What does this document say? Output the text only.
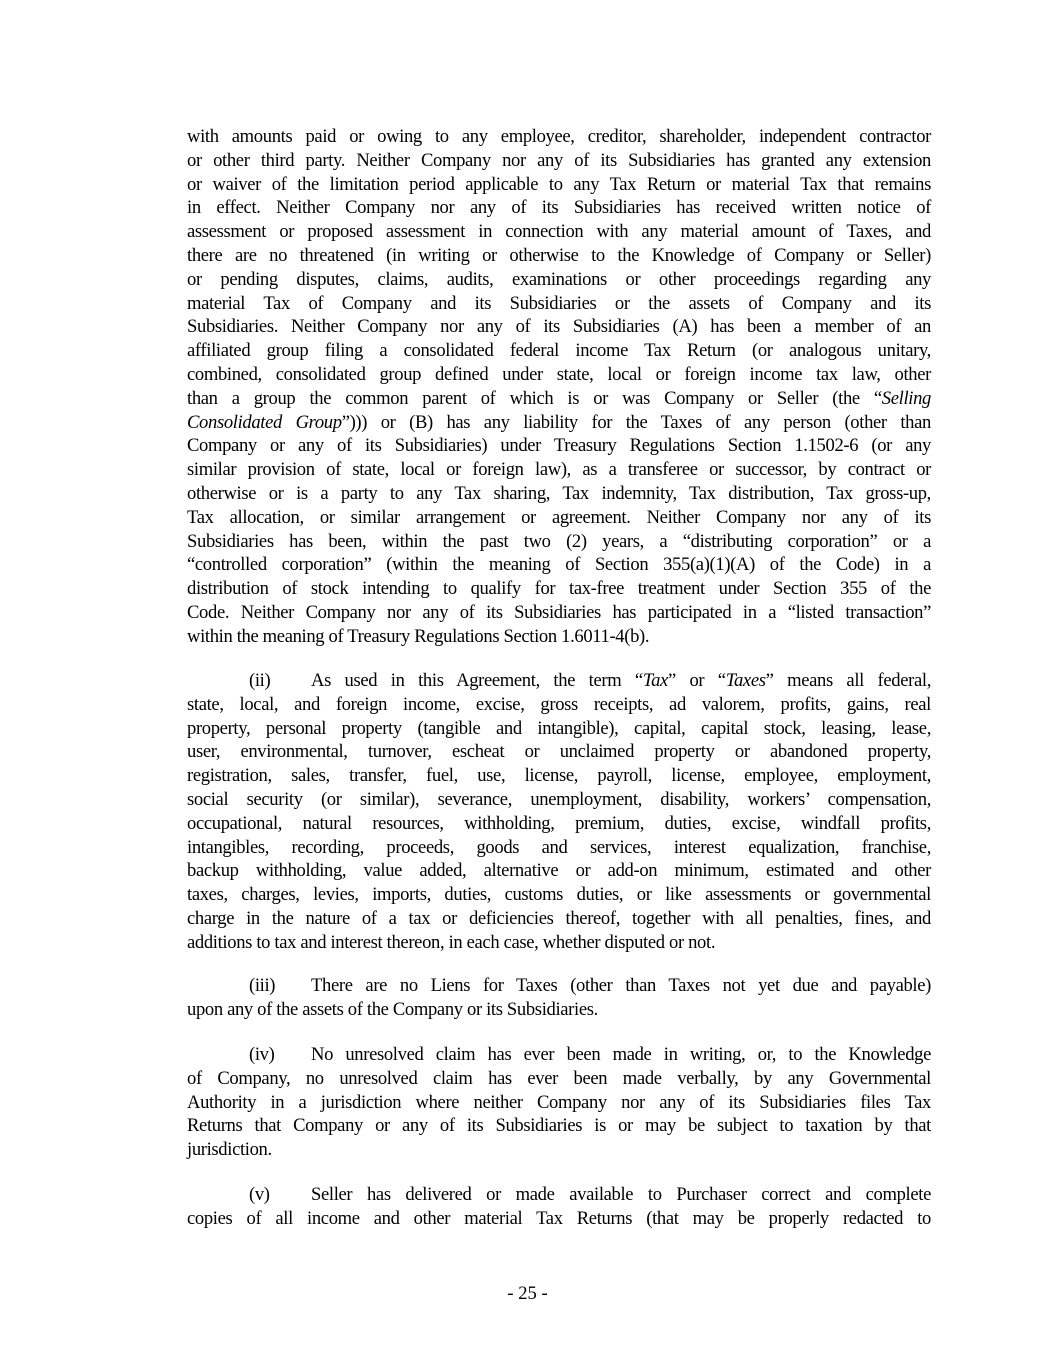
with amounts paid or owing to any employee, creditor, shareholder, independent contractor
or other third party. Neither Company nor any of its Subsidiaries has granted any extension
or waiver of the limitation period applicable to any Tax Return or material Tax that remains
in effect. Neither Company nor any of its Subsidiaries has received written notice of
assessment or proposed assessment in connection with any material amount of Taxes, and
there are no threatened (in writing or otherwise to the Knowledge of Company or Seller)
or pending disputes, claims, audits, examinations or other proceedings regarding any
material Tax of Company and its Subsidiaries or the assets of Company and its
Subsidiaries. Neither Company nor any of its Subsidiaries (A) has been a member of an
affiliated group filing a consolidated federal income Tax Return (or analogous unitary,
combined, consolidated group defined under state, local or foreign income tax law, other
than a group the common parent of which is or was Company or Seller (the “Selling
Consolidated Group”))) or (B) has any liability for the Taxes of any person (other than
Company or any of its Subsidiaries) under Treasury Regulations Section 1.1502-6 (or any
similar provision of state, local or foreign law), as a transferee or successor, by contract or
otherwise or is a party to any Tax sharing, Tax indemnity, Tax distribution, Tax gross-up,
Tax allocation, or similar arrangement or agreement. Neither Company nor any of its
Subsidiaries has been, within the past two (2) years, a “distributing corporation” or a
“controlled corporation” (within the meaning of Section 355(a)(1)(A) of the Code) in a
distribution of stock intending to qualify for tax-free treatment under Section 355 of the
Code. Neither Company nor any of its Subsidiaries has participated in a “listed transaction”
within the meaning of Treasury Regulations Section 1.6011-4(b).
(ii)	As used in this Agreement, the term “Tax” or “Taxes” means all federal,
state, local, and foreign income, excise, gross receipts, ad valorem, profits, gains, real
property, personal property (tangible and intangible), capital, capital stock, leasing, lease,
user, environmental, turnover, escheat or unclaimed property or abandoned property,
registration, sales, transfer, fuel, use, license, payroll, license, employee, employment,
social security (or similar), severance, unemployment, disability, workers’ compensation,
occupational, natural resources, withholding, premium, duties, excise, windfall profits,
intangibles, recording, proceeds, goods and services, interest equalization, franchise,
backup withholding, value added, alternative or add-on minimum, estimated and other
taxes, charges, levies, imports, duties, customs duties, or like assessments or governmental
charge in the nature of a tax or deficiencies thereof, together with all penalties, fines, and
additions to tax and interest thereon, in each case, whether disputed or not.
(iii)	There are no Liens for Taxes (other than Taxes not yet due and payable)
upon any of the assets of the Company or its Subsidiaries.
(iv)	No unresolved claim has ever been made in writing, or, to the Knowledge
of Company, no unresolved claim has ever been made verbally, by any Governmental
Authority in a jurisdiction where neither Company nor any of its Subsidiaries files Tax
Returns that Company or any of its Subsidiaries is or may be subject to taxation by that
jurisdiction.
(v)	Seller has delivered or made available to Purchaser correct and complete
copies of all income and other material Tax Returns (that may be properly redacted to
- 25 -
